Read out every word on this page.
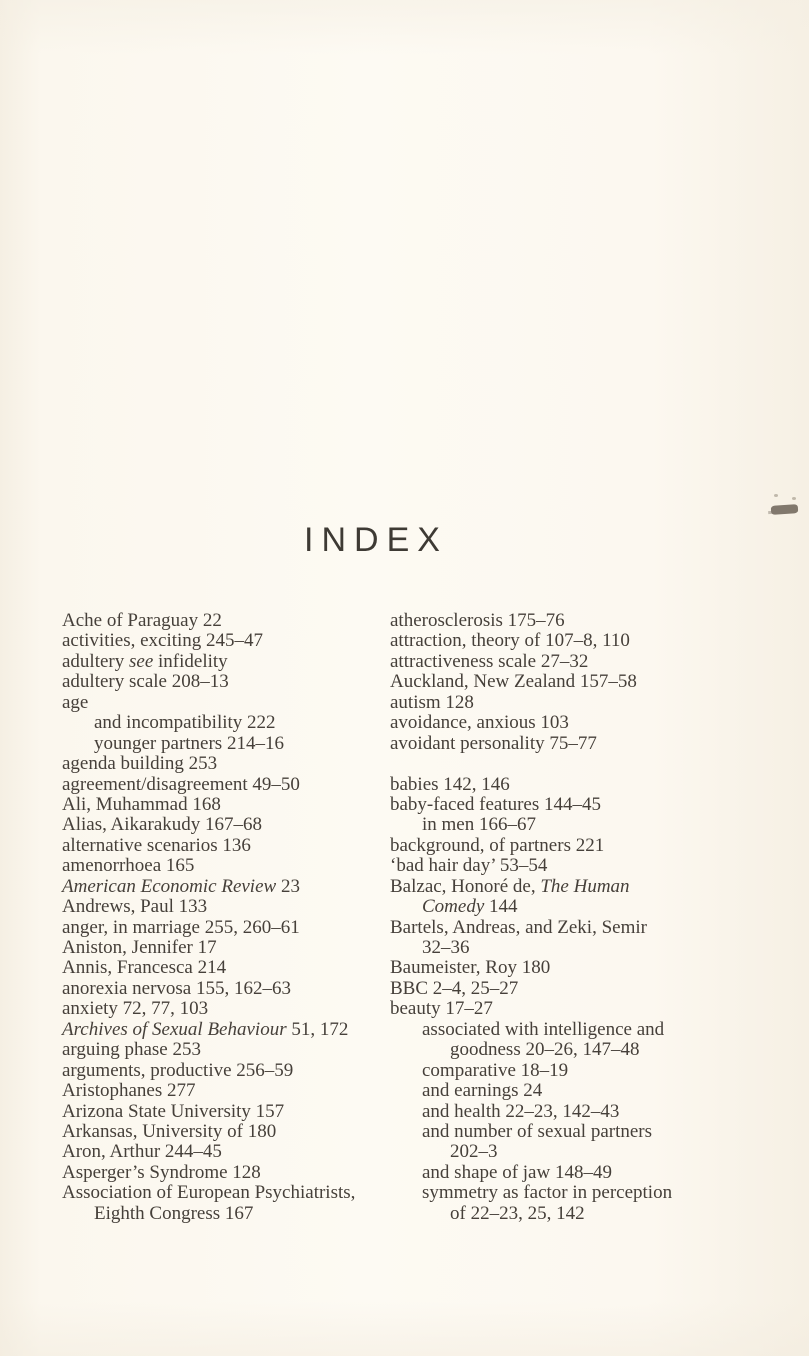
INDEX
Ache of Paraguay 22
activities, exciting 245–47
adultery see infidelity
adultery scale 208–13
age
and incompatibility 222
younger partners 214–16
agenda building 253
agreement/disagreement 49–50
Ali, Muhammad 168
Alias, Aikarakudy 167–68
alternative scenarios 136
amenorrhoea 165
American Economic Review 23
Andrews, Paul 133
anger, in marriage 255, 260–61
Aniston, Jennifer 17
Annis, Francesca 214
anorexia nervosa 155, 162–63
anxiety 72, 77, 103
Archives of Sexual Behaviour 51, 172
arguing phase 253
arguments, productive 256–59
Aristophanes 277
Arizona State University 157
Arkansas, University of 180
Aron, Arthur 244–45
Asperger’s Syndrome 128
Association of European Psychiatrists,
Eighth Congress 167
atherosclerosis 175–76
attraction, theory of 107–8, 110
attractiveness scale 27–32
Auckland, New Zealand 157–58
autism 128
avoidance, anxious 103
avoidant personality 75–77

babies 142, 146
baby-faced features 144–45
in men 166–67
background, of partners 221
‘bad hair day’ 53–54
Balzac, Honoré de, The Human
Comedy 144
Bartels, Andreas, and Zeki, Semir
32–36
Baumeister, Roy 180
BBC 2–4, 25–27
beauty 17–27
associated with intelligence and
goodness 20–26, 147–48
comparative 18–19
and earnings 24
and health 22–23, 142–43
and number of sexual partners
202–3
and shape of jaw 148–49
symmetry as factor in perception
of 22–23, 25, 142
